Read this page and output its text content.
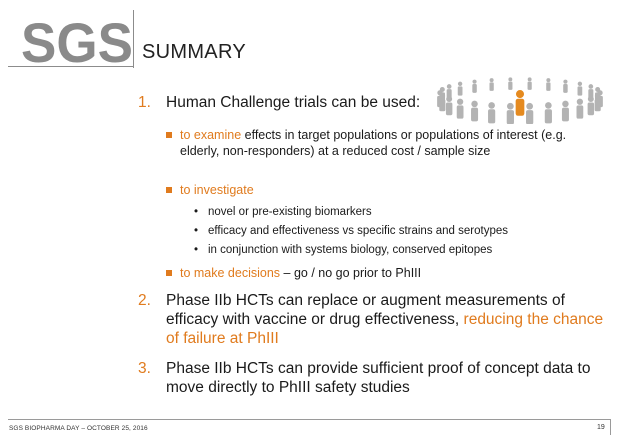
SGS SUMMARY
1. Human Challenge trials can be used:
to examine effects in target populations or populations of interest (e.g. elderly, non-responders) at a reduced cost / sample size
to investigate
• novel or pre-existing biomarkers
• efficacy and effectiveness vs specific strains and serotypes
• in conjunction with systems biology, conserved epitopes
to make decisions – go / no go prior to PhIII
2. Phase IIb HCTs can replace or augment measurements of efficacy with vaccine or drug effectiveness, reducing the chance of failure at PhIII
3. Phase IIb HCTs can provide sufficient proof of concept data to move directly to PhIII safety studies
SGS BIOPHARMA DAY – OCTOBER 25, 2016	19
